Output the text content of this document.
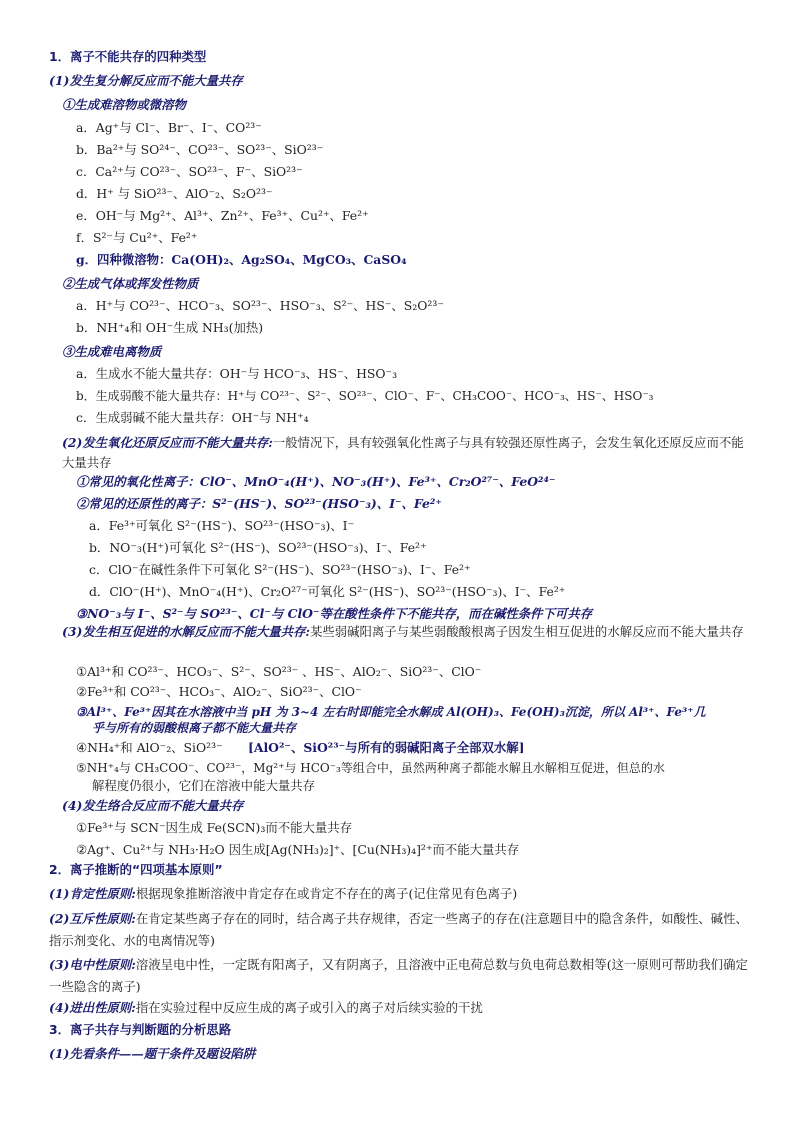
1．离子不能共存的四种类型
(1)发生复分解反应而不能大量共存
①生成难溶物或微溶物
a．Ag⁺与 Cl⁻、Br⁻、I⁻、CO²³⁻
b．Ba²⁺与 SO²⁴⁻、CO²³⁻、SO²³⁻、SiO²³⁻
c．Ca²⁺与 CO²³⁻、SO²³⁻、F⁻、SiO²³⁻
d．H⁺ 与 SiO²³⁻、AlO⁻₂、S₂O²³⁻
e．OH⁻与 Mg²⁺、Al³⁺、Zn²⁺、Fe³⁺、Cu²⁺、Fe²⁺
f．S²⁻与 Cu²⁺、Fe²⁺
g．四种微溶物：Ca(OH)₂、Ag₂SO₄、MgCO₃、CaSO₄
②生成气体或挥发性物质
a．H⁺与 CO²³⁻、HCO⁻₃、SO²³⁻、HSO⁻₃、S²⁻、HS⁻、S₂O²³⁻
b．NH⁺₄和 OH⁻生成 NH₃(加热)
③生成难电离物质
a．生成水不能大量共存：OH⁻与 HCO⁻₃、HS⁻、HSO⁻₃
b．生成弱酸不能大量共存：H⁺与 CO²³⁻、S²⁻、SO²³⁻、ClO⁻、F⁻、CH₃COO⁻、HCO⁻₃、HS⁻、HSO⁻₃
c．生成弱碱不能大量共存：OH⁻与 NH⁺₄
(2)发生氧化还原反应而不能大量共存:一般情况下，具有较强氧化性离子与具有较强还原性离子，会发生氧化还原反应而不能大量共存
①常见的氧化性离子：ClO⁻、MnO⁻₄(H⁺)、NO⁻₃(H⁺)、Fe³⁺、Cr₂O²⁷⁻、FeO²⁴⁻
②常见的还原性的离子：S²⁻(HS⁻)、SO²³⁻(HSO⁻₃)、I⁻、Fe²⁺
a．Fe³⁺可氧化 S²⁻(HS⁻)、SO²³⁻(HSO⁻₃)、I⁻
b．NO⁻₃(H⁺)可氧化 S²⁻(HS⁻)、SO²³⁻(HSO⁻₃)、I⁻、Fe²⁺
c．ClO⁻在碱性条件下可氧化 S²⁻(HS⁻)、SO²³⁻(HSO⁻₃)、I⁻、Fe²⁺
d．ClO⁻(H⁺)、MnO⁻₄(H⁺)、Cr₂O²⁷⁻可氧化 S²⁻(HS⁻)、SO²³⁻(HSO⁻₃)、I⁻、Fe²⁺
③NO⁻₃与 I⁻、S²⁻与 SO²³⁻、Cl⁻与 ClO⁻等在酸性条件下不能共存，而在碱性条件下可共存
(3)发生相互促进的水解反应而不能大量共存:某些弱碱阳离子与某些弱酸酸根离子因发生相互促进的水解反应而不能大量共存
①Al³⁺和 CO²³⁻、HCO₃⁻、S²⁻、SO²³⁻ 、HS⁻、AlO₂⁻、SiO²³⁻、ClO⁻
②Fe³⁺和 CO²³⁻、HCO₃⁻、AlO₂⁻、SiO²³⁻、ClO⁻
③Al³⁺、Fe³⁺因其在水溶液中当 pH 为 3~4 左右时即能完全水解成 Al(OH)₃、Fe(OH)₃沉淀，所以 Al³⁺、Fe³⁺几
乎与所有的弱酸根离子都不能大量共存
④NH₄⁺和 AlO⁻₂、SiO²³⁻ [AlO²⁻、SiO²³⁻与所有的弱碱阳离子全部双水解]
⑤NH⁺₄与 CH₃COO⁻、CO²³⁻，Mg²⁺与 HCO⁻₃等组合中，虽然两种离子都能水解且水解相互促进，但总的水
解程度仍很小，它们在溶液中能大量共存
(4)发生络合反应而不能大量共存
①Fe³⁺与 SCN⁻因生成 Fe(SCN)₃而不能大量共存
②Ag⁺、Cu²⁺与 NH₃·H₂O 因生成[Ag(NH₃)₂]⁺、[Cu(NH₃)₄]²⁺而不能大量共存
2．离子推断的“四项基本原则”
(1)肯定性原则:根据现象推断溶液中肯定存在或肯定不存在的离子(记住常见有色离子)
(2)互斥性原则:在肯定某些离子存在的同时，结合离子共存规律，否定一些离子的存在(注意题目中的隐含条件，如酸性、碱性、指示剂变化、水的电离情况等)
(3)电中性原则:溶液呈电中性，一定既有阳离子，又有阴离子，且溶液中正电荷总数与负电荷总数相等(这一原则可帮助我们确定一些隐含的离子)
(4)进出性原则:指在实验过程中反应生成的离子或引入的离子对后续实验的干扰
3．离子共存与判断题的分析思路
(1)先看条件——题干条件及题设陷阱
